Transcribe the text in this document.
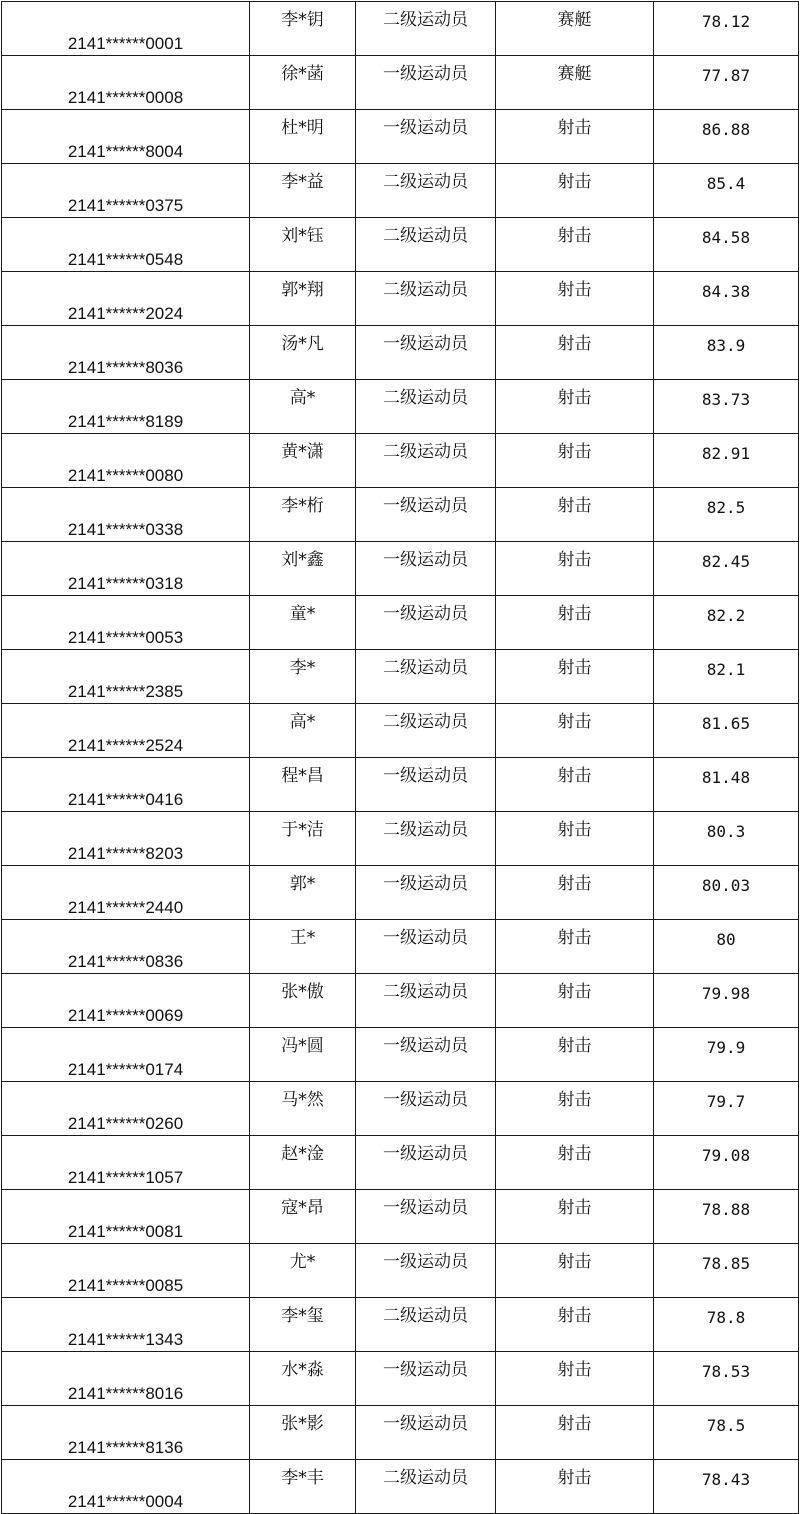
2141******0001	李*钥	二级运动员	赛艇	78.12
2141******0008	徐*菡	一级运动员	赛艇	77.87
2141******8004	杜*明	一级运动员	射击	86.88
2141******0375	李*益	二级运动员	射击	85.4
2141******0548	刘*钰	二级运动员	射击	84.58
2141******2024	郭*翔	二级运动员	射击	84.38
2141******8036	汤*凡	一级运动员	射击	83.9
2141******8189	高*	二级运动员	射击	83.73
2141******0080	黄*潇	二级运动员	射击	82.91
2141******0338	李*桁	一级运动员	射击	82.5
2141******0318	刘*鑫	一级运动员	射击	82.45
2141******0053	童*	一级运动员	射击	82.2
2141******2385	李*	二级运动员	射击	82.1
2141******2524	高*	二级运动员	射击	81.65
2141******0416	程*昌	一级运动员	射击	81.48
2141******8203	于*洁	二级运动员	射击	80.3
2141******2440	郭*	一级运动员	射击	80.03
2141******0836	王*	一级运动员	射击	80
2141******0069	张*傲	二级运动员	射击	79.98
2141******0174	冯*圆	一级运动员	射击	79.9
2141******0260	马*然	一级运动员	射击	79.7
2141******1057	赵*淦	一级运动员	射击	79.08
2141******0081	寇*昂	一级运动员	射击	78.88
2141******0085	尤*	一级运动员	射击	78.85
2141******1343	李*玺	二级运动员	射击	78.8
2141******8016	水*淼	一级运动员	射击	78.53
2141******8136	张*影	一级运动员	射击	78.5
2141******0004	李*丰	二级运动员	射击	78.43
